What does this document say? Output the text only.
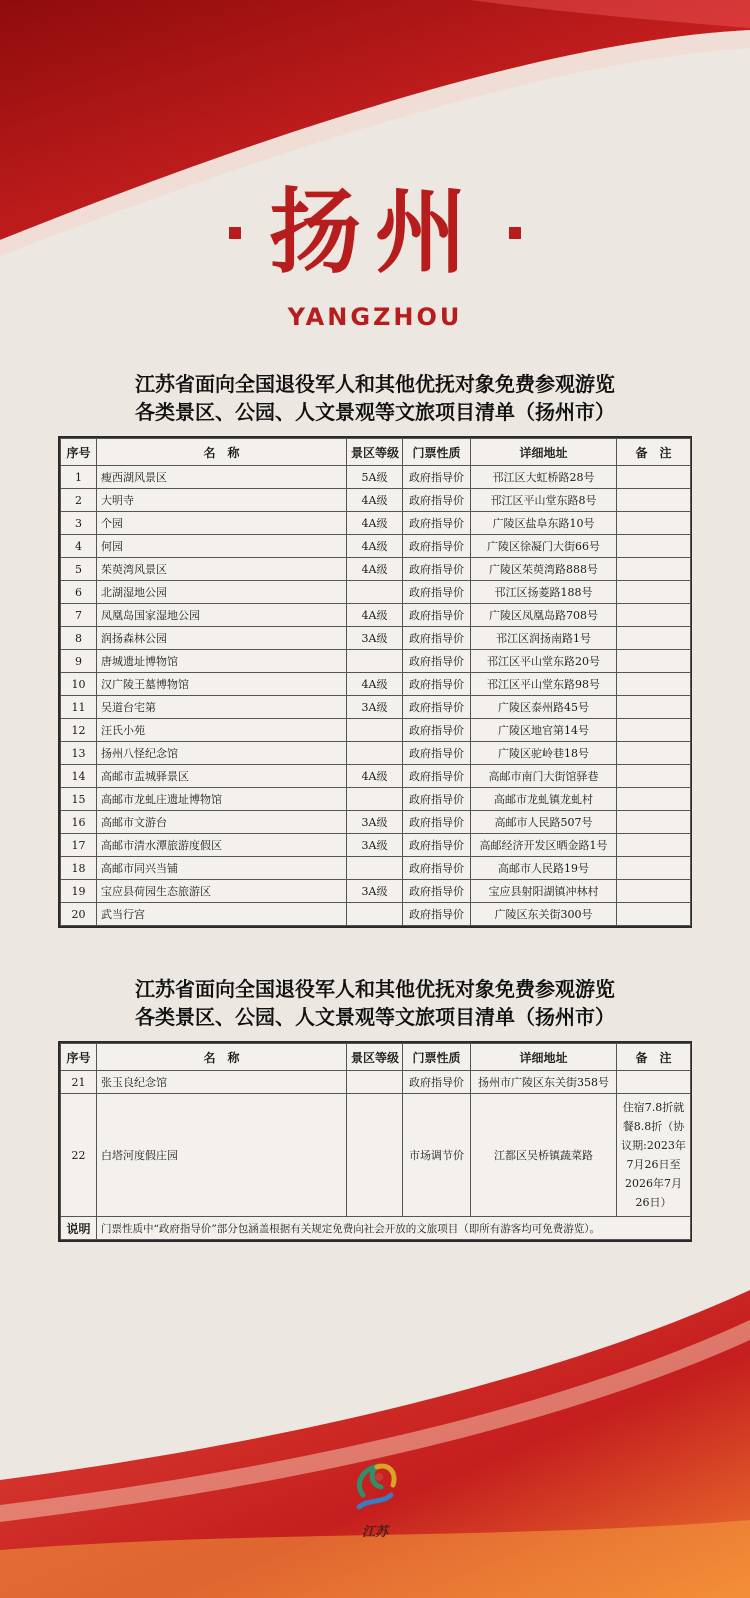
扬州
YANGZHOU
江苏省面向全国退役军人和其他优抚对象免费参观游览
各类景区、公园、人文景观等文旅项目清单（扬州市）
序号	名　称	景区等级	门票性质	详细地址	备　注
1	瘦西湖风景区	5A级	政府指导价	邗江区大虹桥路28号	
2	大明寺	4A级	政府指导价	邗江区平山堂东路8号	
3	个园	4A级	政府指导价	广陵区盐阜东路10号	
4	何园	4A级	政府指导价	广陵区徐凝门大街66号	
5	茱萸湾风景区	4A级	政府指导价	广陵区茱萸湾路888号	
6	北湖湿地公园		政府指导价	邗江区扬菱路188号	
7	凤凰岛国家湿地公园	4A级	政府指导价	广陵区凤凰岛路708号	
8	润扬森林公园	3A级	政府指导价	邗江区润扬南路1号	
9	唐城遗址博物馆		政府指导价	邗江区平山堂东路20号	
10	汉广陵王墓博物馆	4A级	政府指导价	邗江区平山堂东路98号	
11	吴道台宅第	3A级	政府指导价	广陵区泰州路45号	
12	汪氏小苑		政府指导价	广陵区地官第14号	
13	扬州八怪纪念馆		政府指导价	广陵区驼岭巷18号	
14	高邮市盂城驿景区	4A级	政府指导价	高邮市南门大街馆驿巷	
15	高邮市龙虬庄遗址博物馆		政府指导价	高邮市龙虬镇龙虬村	
16	高邮市文游台	3A级	政府指导价	高邮市人民路507号	
17	高邮市清水潭旅游度假区	3A级	政府指导价	高邮经济开发区晒金路1号	
18	高邮市同兴当铺		政府指导价	高邮市人民路19号	
19	宝应县荷园生态旅游区	3A级	政府指导价	宝应县射阳湖镇冲林村	
20	武当行宫		政府指导价	广陵区东关街300号	
江苏省面向全国退役军人和其他优抚对象免费参观游览
各类景区、公园、人文景观等文旅项目清单（扬州市）
序号	名　称	景区等级	门票性质	详细地址	备　注
21	张玉良纪念馆		政府指导价	扬州市广陵区东关街358号	
22	白塔河度假庄园		市场调节价	江都区吴桥镇蔬菜路	住宿7.8折就餐8.8折（协议期:2023年7月26日至2026年7月26日）
说明	门票性质中“政府指导价”部分包涵盖根据有关规定免费向社会开放的文旅项目（即所有游客均可免费游览）。				
江苏
